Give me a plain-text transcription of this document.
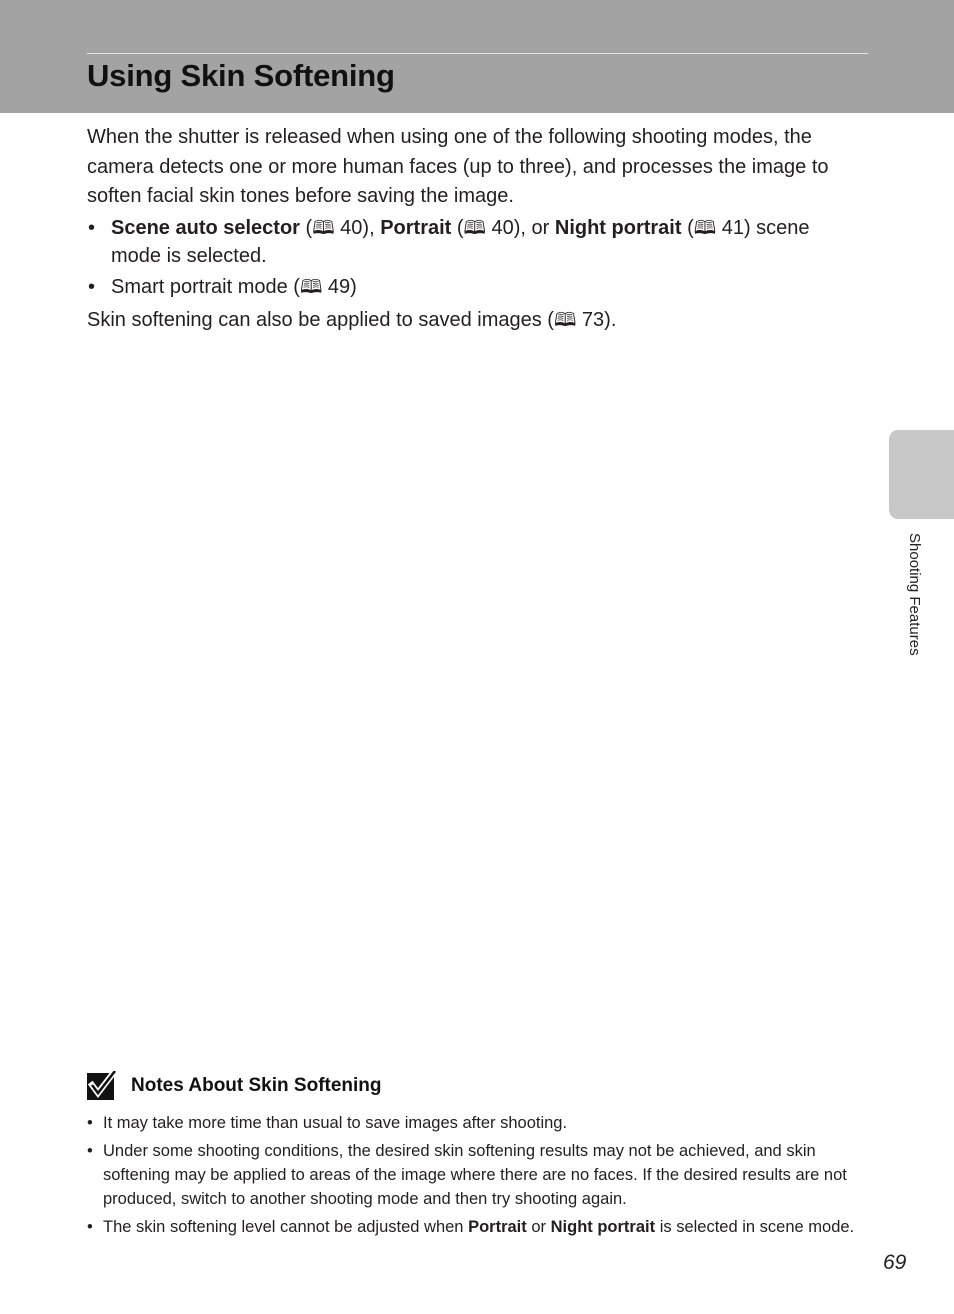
Using Skin Softening

When the shutter is released when using one of the following shooting modes, the camera detects one or more human faces (up to three), and processes the image to soften facial skin tones before saving the image.

• Scene auto selector (🕮 40), Portrait (🕮 40), or Night portrait (🕮 41) scene mode is selected.
• Smart portrait mode (🕮 49)

Skin softening can also be applied to saved images (🕮 73).

Shooting Features
Notes About Skin Softening
• It may take more time than usual to save images after shooting.
• Under some shooting conditions, the desired skin softening results may not be achieved, and skin softening may be applied to areas of the image where there are no faces. If the desired results are not produced, switch to another shooting mode and then try shooting again.
• The skin softening level cannot be adjusted when Portrait or Night portrait is selected in scene mode.
69
